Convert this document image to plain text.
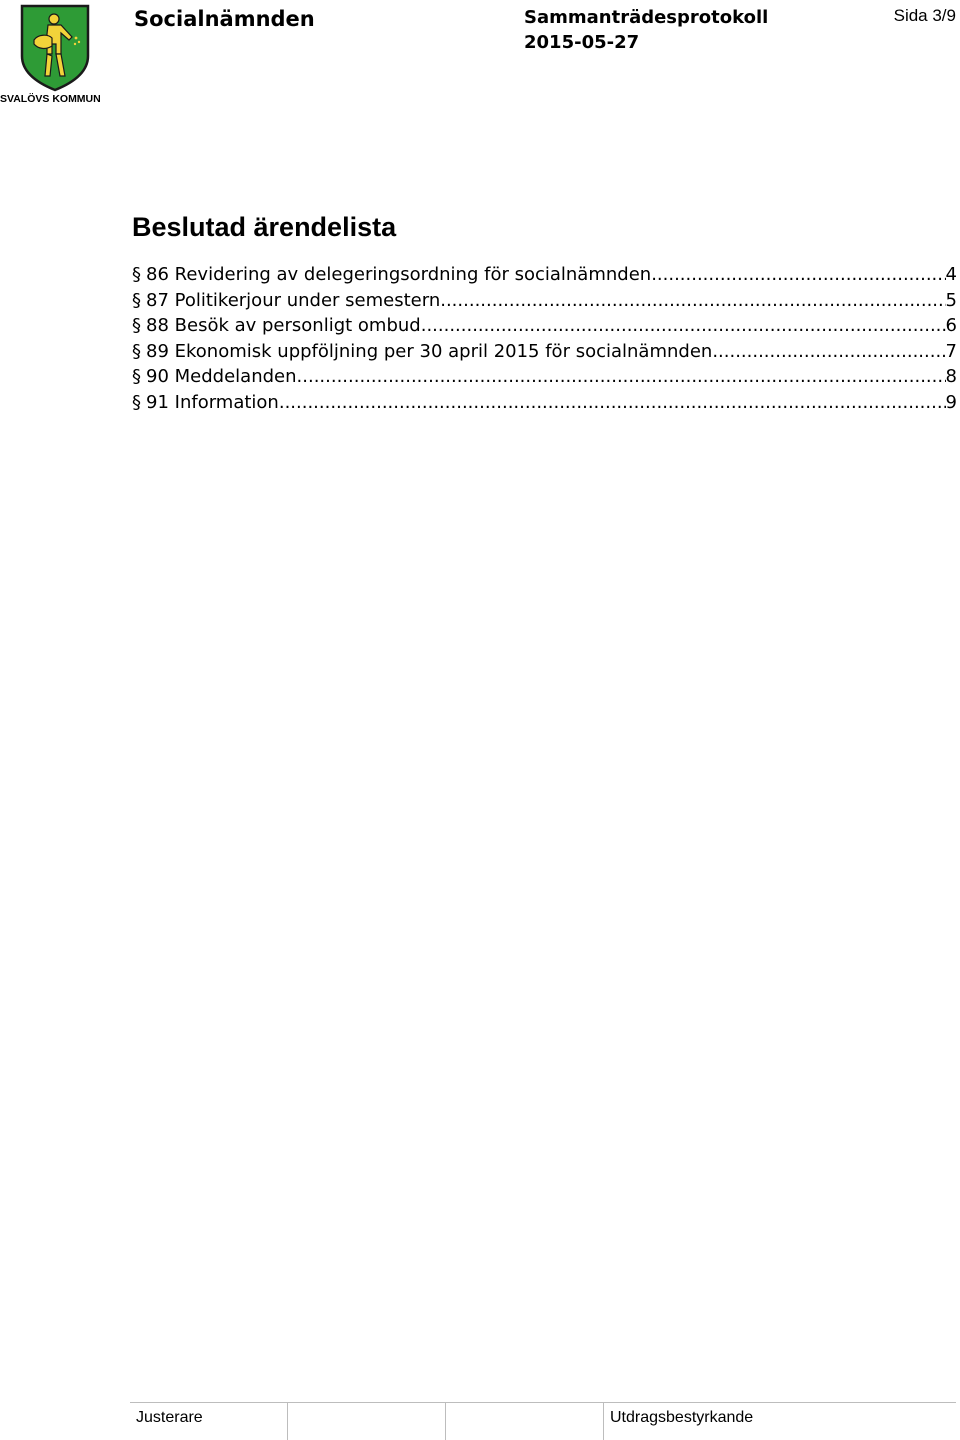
SVALÖVS KOMMUN
Socialnämnden	Sammanträdesprotokoll
2015-05-27
Sida 3/9
Beslutad ärendelista
§ 86 Revidering av delegeringsordning för socialnämnden .....	4
§ 87 Politikerjour under semestern .....	5
§ 88 Besök av personligt ombud .....	6
§ 89 Ekonomisk uppföljning per 30 april 2015 för socialnämnden .....	7
§ 90 Meddelanden .....	8
§ 91 Information .....	9
Justerare	Utdragsbestyrkande
